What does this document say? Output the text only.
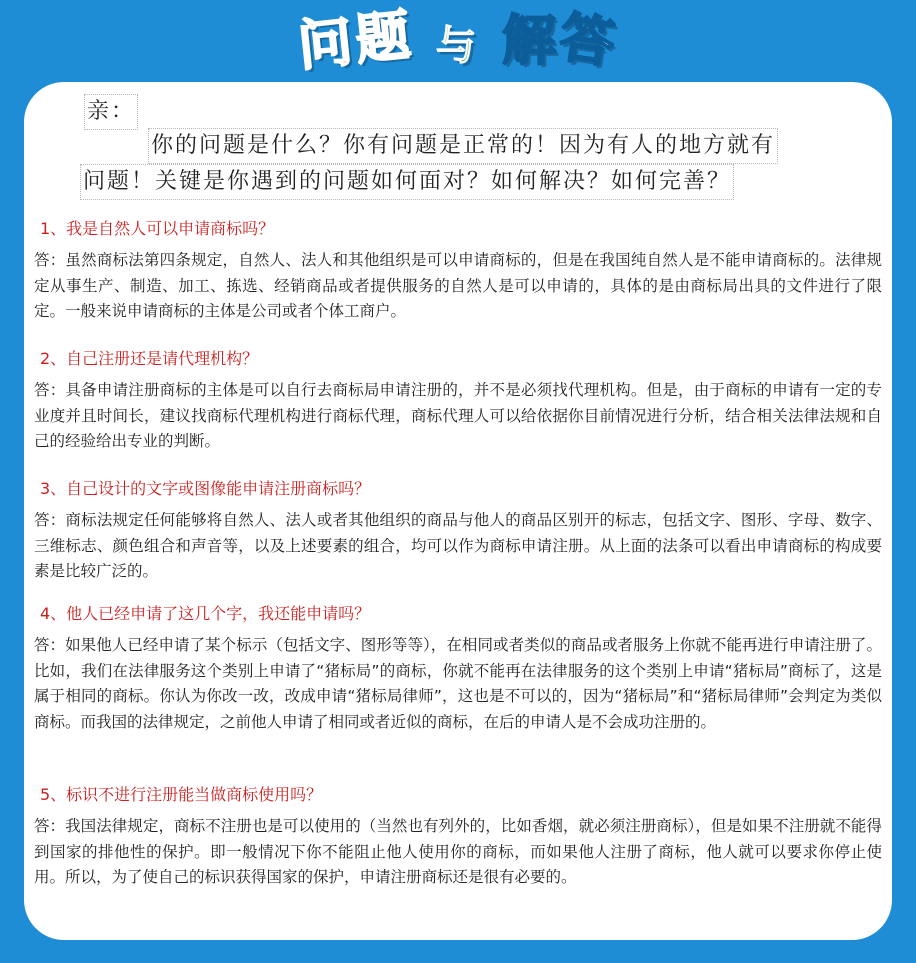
问题 与 解答
亲：
你的问题是什么？你有问题是正常的！因为有人的地方就有
问题！关键是你遇到的问题如何面对？如何解决？如何完善？

1、我是自然人可以申请商标吗？

答：虽然商标法第四条规定，自然人、法人和其他组织是可以申请商标的，但是在我国纯自然人是不能申请商标的。法律规定从事生产、制造、加工、拣选、经销商品或者提供服务的自然人是可以申请的，具体的是由商标局出具的文件进行了限定。一般来说申请商标的主体是公司或者个体工商户。

2、自己注册还是请代理机构？

答：具备申请注册商标的主体是可以自行去商标局申请注册的，并不是必须找代理机构。但是，由于商标的申请有一定的专业度并且时间长，建议找商标代理机构进行商标代理，商标代理人可以给依据你目前情况进行分析，结合相关法律法规和自己的经验给出专业的判断。

3、自己设计的文字或图像能申请注册商标吗？

答：商标法规定任何能够将自然人、法人或者其他组织的商品与他人的商品区别开的标志，包括文字、图形、字母、数字、三维标志、颜色组合和声音等，以及上述要素的组合，均可以作为商标申请注册。从上面的法条可以看出申请商标的构成要素是比较广泛的。

4、他人已经申请了这几个字，我还能申请吗？

答：如果他人已经申请了某个标示（包括文字、图形等等），在相同或者类似的商品或者服务上你就不能再进行申请注册了。比如，我们在法律服务这个类别上申请了“猪标局”的商标，你就不能再在法律服务的这个类别上申请“猪标局”商标了，这是属于相同的商标。你认为你改一改，改成申请“猪标局律师”，这也是不可以的，因为“猪标局”和“猪标局律师”会判定为类似商标。而我国的法律规定，之前他人申请了相同或者近似的商标，在后的申请人是不会成功注册的。

5、标识不进行注册能当做商标使用吗？

答：我国法律规定，商标不注册也是可以使用的（当然也有列外的，比如香烟，就必须注册商标），但是如果不注册就不能得到国家的排他性的保护。即一般情况下你不能阻止他人使用你的商标，而如果他人注册了商标，他人就可以要求你停止使用。所以，为了使自己的标识获得国家的保护，申请注册商标还是很有必要的。
